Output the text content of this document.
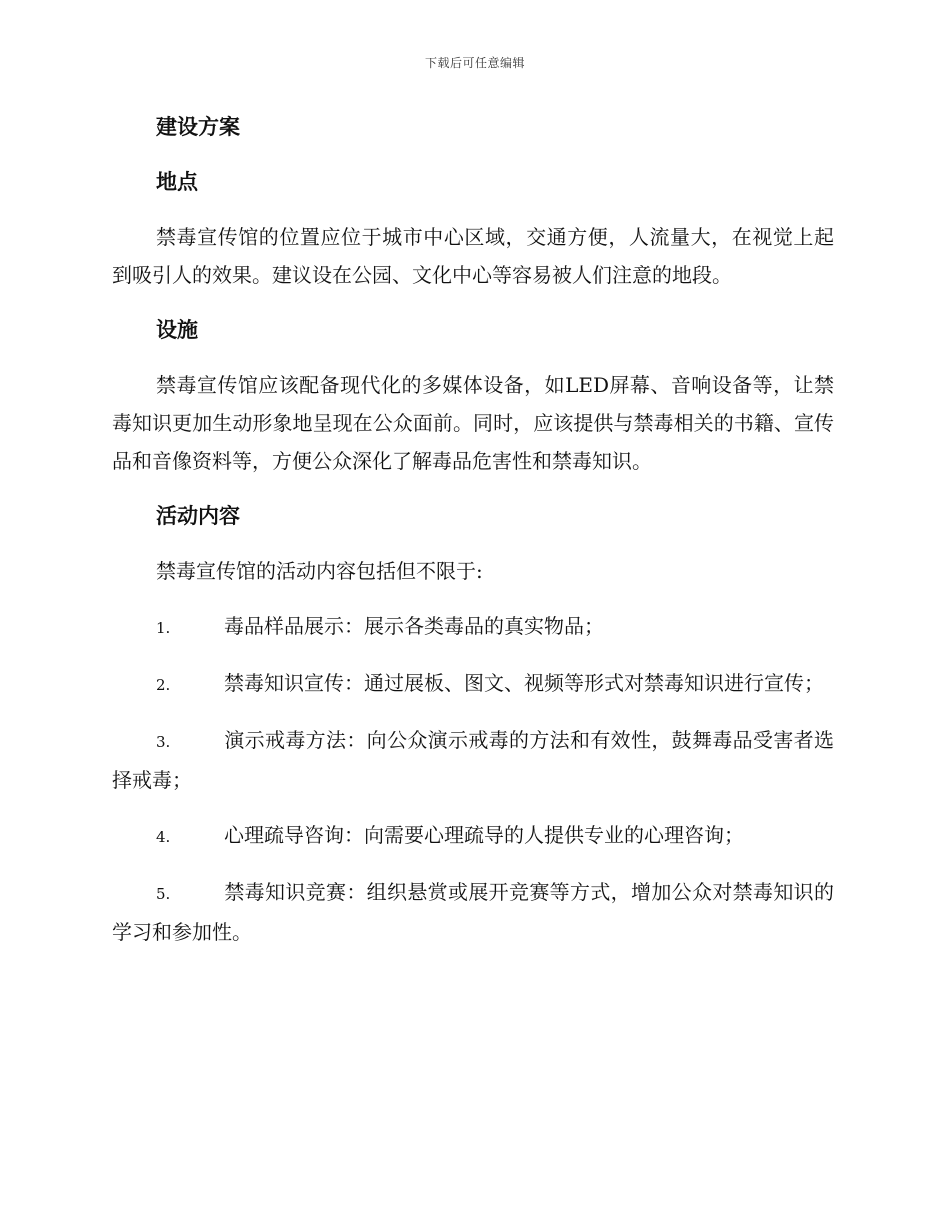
下载后可任意编辑
建设方案
地点

禁毒宣传馆的位置应位于城市中心区域，交通方便，人流量大，在视觉上起到吸引人的效果。建议设在公园、文化中心等容易被人们注意的地段。

设施

禁毒宣传馆应该配备现代化的多媒体设备，如LED屏幕、音响设备等，让禁毒知识更加生动形象地呈现在公众面前。同时，应该提供与禁毒相关的书籍、宣传品和音像资料等，方便公众深化了解毒品危害性和禁毒知识。

活动内容

禁毒宣传馆的活动内容包括但不限于:

1.	毒品样品展示：展示各类毒品的真实物品；

2.	禁毒知识宣传：通过展板、图文、视频等形式对禁毒知识进行宣传；

3.	演示戒毒方法：向公众演示戒毒的方法和有效性，鼓舞毒品受害者选择戒毒；

4.	心理疏导咨询：向需要心理疏导的人提供专业的心理咨询；

5.	禁毒知识竞赛：组织悬赏或展开竞赛等方式，增加公众对禁毒知识的学习和参加性。
